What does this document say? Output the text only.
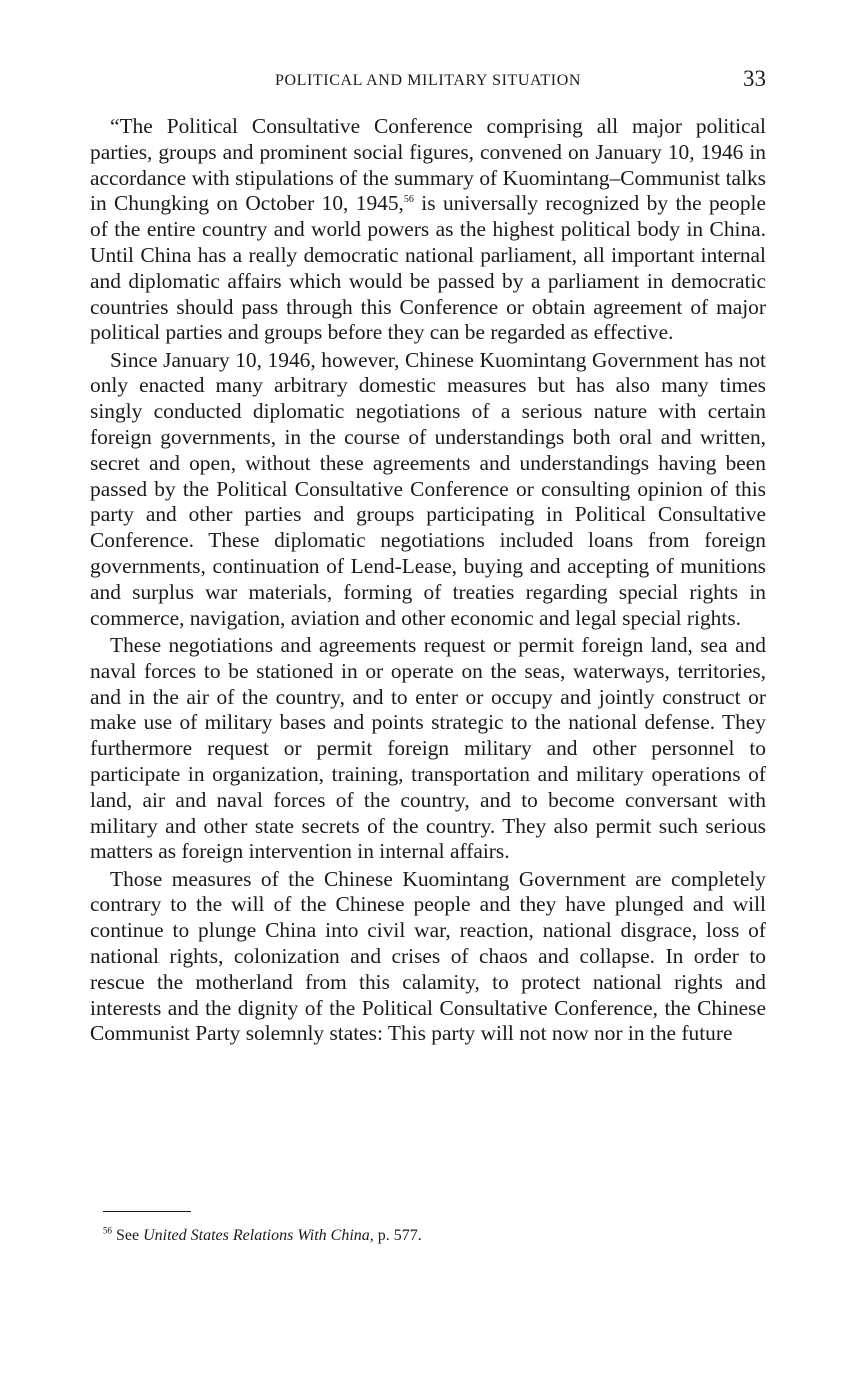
POLITICAL AND MILITARY SITUATION	33

“The Political Consultative Conference comprising all major political parties, groups and prominent social figures, convened on January 10, 1946 in accordance with stipulations of the summary of Kuomintang–Communist talks in Chungking on October 10, 1945,56 is universally recognized by the people of the entire country and world powers as the highest political body in China. Until China has a really democratic national parliament, all important internal and diplomatic affairs which would be passed by a parliament in democratic countries should pass through this Conference or obtain agreement of major political parties and groups before they can be regarded as effective.

Since January 10, 1946, however, Chinese Kuomintang Government has not only enacted many arbitrary domestic measures but has also many times singly conducted diplomatic negotiations of a serious nature with certain foreign governments, in the course of understandings both oral and written, secret and open, without these agreements and understandings having been passed by the Political Consultative Conference or consulting opinion of this party and other parties and groups participating in Political Consultative Conference. These diplomatic negotiations included loans from foreign governments, continuation of Lend-Lease, buying and accepting of munitions and surplus war materials, forming of treaties regarding special rights in commerce, navigation, aviation and other economic and legal special rights.

These negotiations and agreements request or permit foreign land, sea and naval forces to be stationed in or operate on the seas, waterways, territories, and in the air of the country, and to enter or occupy and jointly construct or make use of military bases and points strategic to the national defense. They furthermore request or permit foreign military and other personnel to participate in organization, training, transportation and military operations of land, air and naval forces of the country, and to become conversant with military and other state secrets of the country. They also permit such serious matters as foreign intervention in internal affairs.

Those measures of the Chinese Kuomintang Government are completely contrary to the will of the Chinese people and they have plunged and will continue to plunge China into civil war, reaction, national disgrace, loss of national rights, colonization and crises of chaos and collapse. In order to rescue the motherland from this calamity, to protect national rights and interests and the dignity of the Political Consultative Conference, the Chinese Communist Party solemnly states: This party will not now nor in the future

$^{56}$ See United States Relations With China, p. 577.
